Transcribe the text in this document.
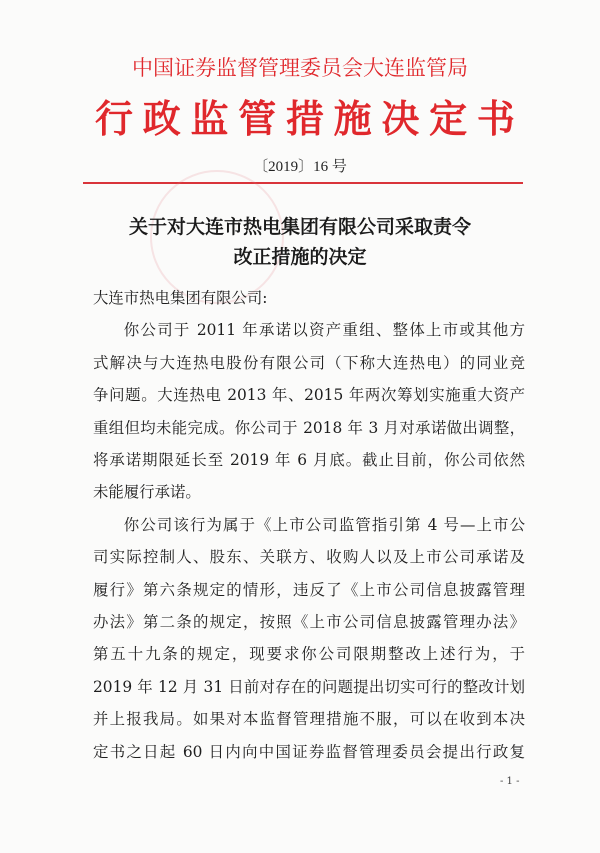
中国证券监督管理委员会大连监管局
行 政 监 管 措 施 决 定 书
〔2019〕16 号
关于对大连市热电集团有限公司采取责令
改正措施的决定

大连市热电集团有限公司:

你公司于 2011 年承诺以资产重组、整体上市或其他方
式解决与大连热电股份有限公司（下称大连热电）的同业竞
争问题。大连热电 2013 年、2015 年两次筹划实施重大资产
重组但均未能完成。你公司于 2018 年 3 月对承诺做出调整，
将承诺期限延长至 2019 年 6 月底。截止目前，你公司依然
未能履行承诺。
你公司该行为属于《上市公司监管指引第 4 号—上市公
司实际控制人、股东、关联方、收购人以及上市公司承诺及
履行》第六条规定的情形，违反了《上市公司信息披露管理
办法》第二条的规定，按照《上市公司信息披露管理办法》
第五十九条的规定，现要求你公司限期整改上述行为，于
2019 年 12 月 31 日前对存在的问题提出切实可行的整改计划
并上报我局。如果对本监督管理措施不服，可以在收到本决
定书之日起 60 日内向中国证券监督管理委员会提出行政复
- 1 -
